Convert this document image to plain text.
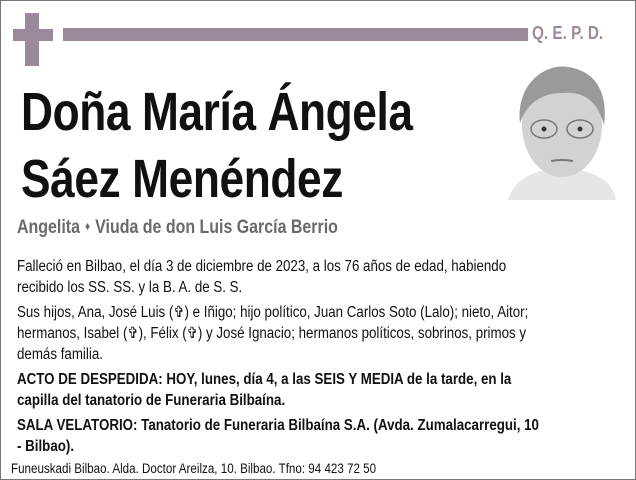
Q. E. P. D.
Doña María Ángela
Sáez Menéndez
Angelita ♦ Viuda de don Luis García Berrio
Falleció en Bilbao, el día 3 de diciembre de 2023, a los 76 años de edad, habiendo
recibido los SS. SS. y la B. A. de S. S.
Sus hijos, Ana, José Luis (✞) e Iñigo; hijo político, Juan Carlos Soto (Lalo); nieto, Aitor;
hermanos, Isabel (✞), Félix (✞) y José Ignacio; hermanos políticos, sobrinos, primos y
demás familia.
ACTO DE DESPEDIDA: HOY, lunes, día 4, a las SEIS Y MEDIA de la tarde, en la
capilla del tanatorio de Funeraria Bilbaína.
SALA VELATORIO: Tanatorio de Funeraria Bilbaína S.A. (Avda. Zumalacarregui, 10
- Bilbao).
Funeuskadi Bilbao. Alda. Doctor Areilza, 10. Bilbao. Tfno: 94 423 72 50
